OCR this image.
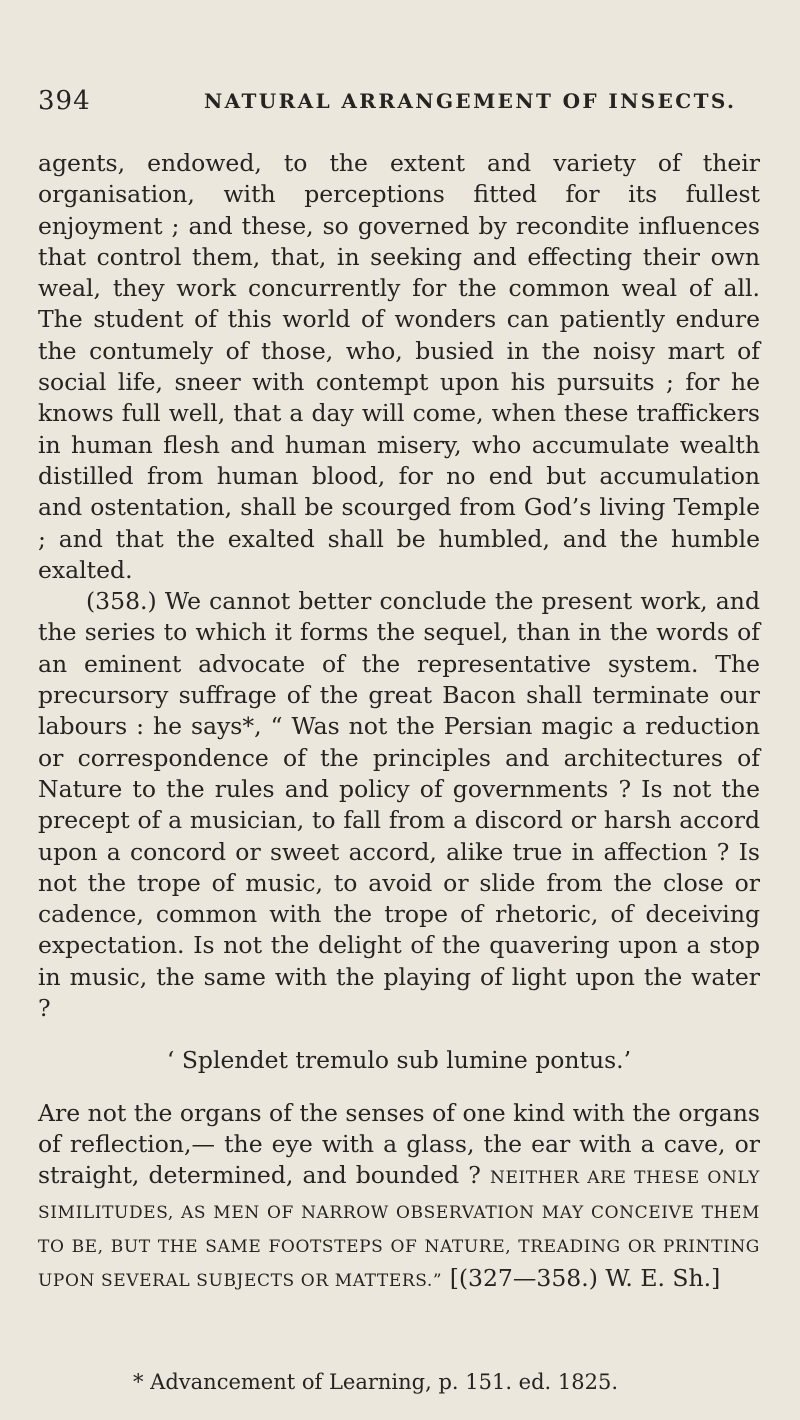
394	NATURAL ARRANGEMENT OF INSECTS.

agents, endowed, to the extent and variety of their organisation, with perceptions fitted for its fullest enjoyment ; and these, so governed by recondite influences that control them, that, in seeking and effecting their own weal, they work concurrently for the common weal of all. The student of this world of wonders can patiently endure the contumely of those, who, busied in the noisy mart of social life, sneer with contempt upon his pursuits ; for he knows full well, that a day will come, when these traffickers in human flesh and human misery, who accumulate wealth distilled from human blood, for no end but accumulation and ostentation, shall be scourged from God’s living Temple ; and that the exalted shall be humbled, and the humble exalted.

(358.) We cannot better conclude the present work, and the series to which it forms the sequel, than in the words of an eminent advocate of the representative system. The precursory suffrage of the great Bacon shall terminate our labours : he says*, “ Was not the Persian magic a reduction or correspondence of the principles and architectures of Nature to the rules and policy of governments ? Is not the precept of a musician, to fall from a discord or harsh accord upon a concord or sweet accord, alike true in affection ? Is not the trope of music, to avoid or slide from the close or cadence, common with the trope of rhetoric, of deceiving expectation. Is not the delight of the quavering upon a stop in music, the same with the playing of light upon the water ?

‘ Splendet tremulo sub lumine pontus.’

Are not the organs of the senses of one kind with the organs of reflection,— the eye with a glass, the ear with a cave, or straight, determined, and bounded ? NEITHER ARE THESE ONLY SIMILITUDES, AS MEN OF NARROW OBSERVATION MAY CONCEIVE THEM TO BE, BUT THE SAME FOOTSTEPS OF NATURE, TREADING OR PRINTING UPON SEVERAL SUBJECTS OR MATTERS.” [(327—358.) W. E. Sh.]

* Advancement of Learning, p. 151. ed. 1825.
